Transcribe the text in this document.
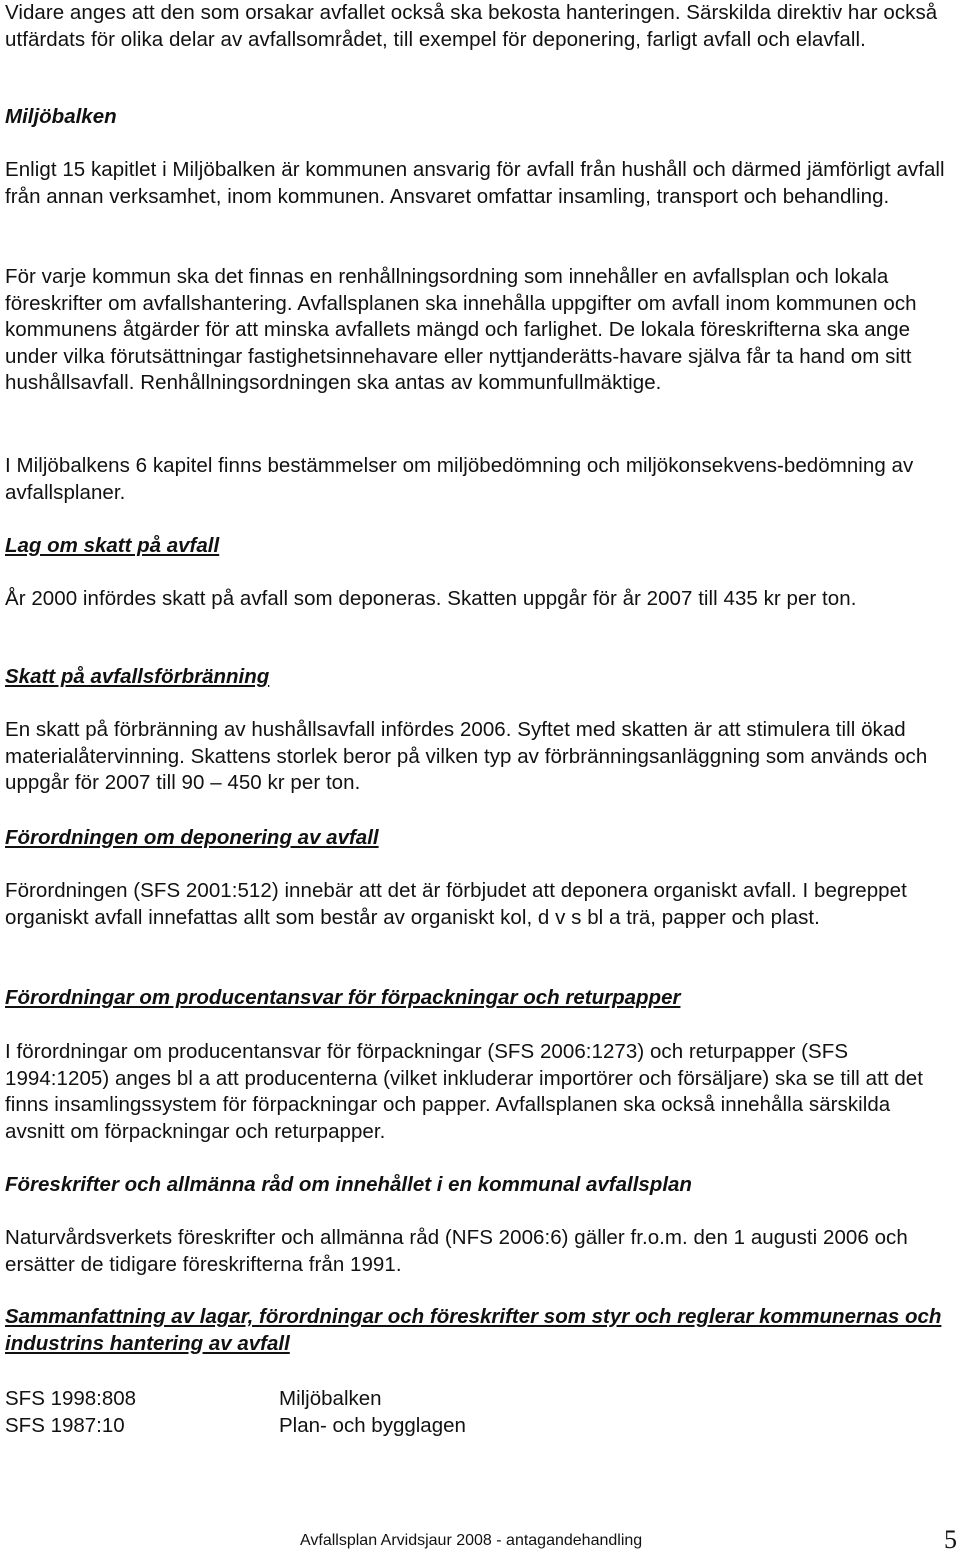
Vidare anges att den som orsakar avfallet också ska bekosta hanteringen. Särskilda direktiv har också utfärdats för olika delar av avfallsområdet, till exempel för deponering, farligt avfall och elavfall.

Miljöbalken

Enligt 15 kapitlet i Miljöbalken är kommunen ansvarig för avfall från hushåll och därmed jämförligt avfall från annan verksamhet, inom kommunen. Ansvaret omfattar insamling, transport och behandling.

För varje kommun ska det finnas en renhållningsordning som innehåller en avfallsplan och lokala föreskrifter om avfallshantering. Avfallsplanen ska innehålla uppgifter om avfall inom kommunen och kommunens åtgärder för att minska avfallets mängd och farlighet. De lokala föreskrifterna ska ange under vilka förutsättningar fastighetsinnehavare eller nyttjanderätts-havare själva får ta hand om sitt hushållsavfall. Renhållningsordningen ska antas av kommunfullmäktige.

I Miljöbalkens 6 kapitel finns bestämmelser om miljöbedömning och miljökonsekvens-bedömning av avfallsplaner.

Lag om skatt på avfall

År 2000 infördes skatt på avfall som deponeras. Skatten uppgår för år 2007 till 435 kr per ton.

Skatt på avfallsförbränning

En skatt på förbränning av hushållsavfall infördes 2006. Syftet med skatten är att stimulera till ökad materialåtervinning. Skattens storlek beror på vilken typ av förbränningsanläggning som används och uppgår för 2007 till 90 – 450 kr per ton.

Förordningen om deponering av avfall

Förordningen (SFS 2001:512) innebär att det är förbjudet att deponera organiskt avfall. I begreppet organiskt avfall innefattas allt som består av organiskt kol, d v s bl a trä, papper och plast.

Förordningar om producentansvar för förpackningar och returpapper

I förordningar om producentansvar för förpackningar (SFS 2006:1273) och returpapper (SFS 1994:1205) anges bl a att producenterna (vilket inkluderar importörer och försäljare) ska se till att det finns insamlingssystem för förpackningar och papper. Avfallsplanen ska också innehålla särskilda avsnitt om förpackningar och returpapper.

Föreskrifter och allmänna råd om innehållet i en kommunal avfallsplan

Naturvårdsverkets föreskrifter och allmänna råd (NFS 2006:6) gäller fr.o.m. den 1 augusti 2006 och ersätter de tidigare föreskrifterna från 1991.

Sammanfattning av lagar, förordningar och föreskrifter som styr och reglerar kommunernas och industrins hantering av avfall

SFS 1998:808	Miljöbalken
SFS 1987:10	Plan- och bygglagen
Avfallsplan Arvidsjaur 2008 - antagandehandling	5
